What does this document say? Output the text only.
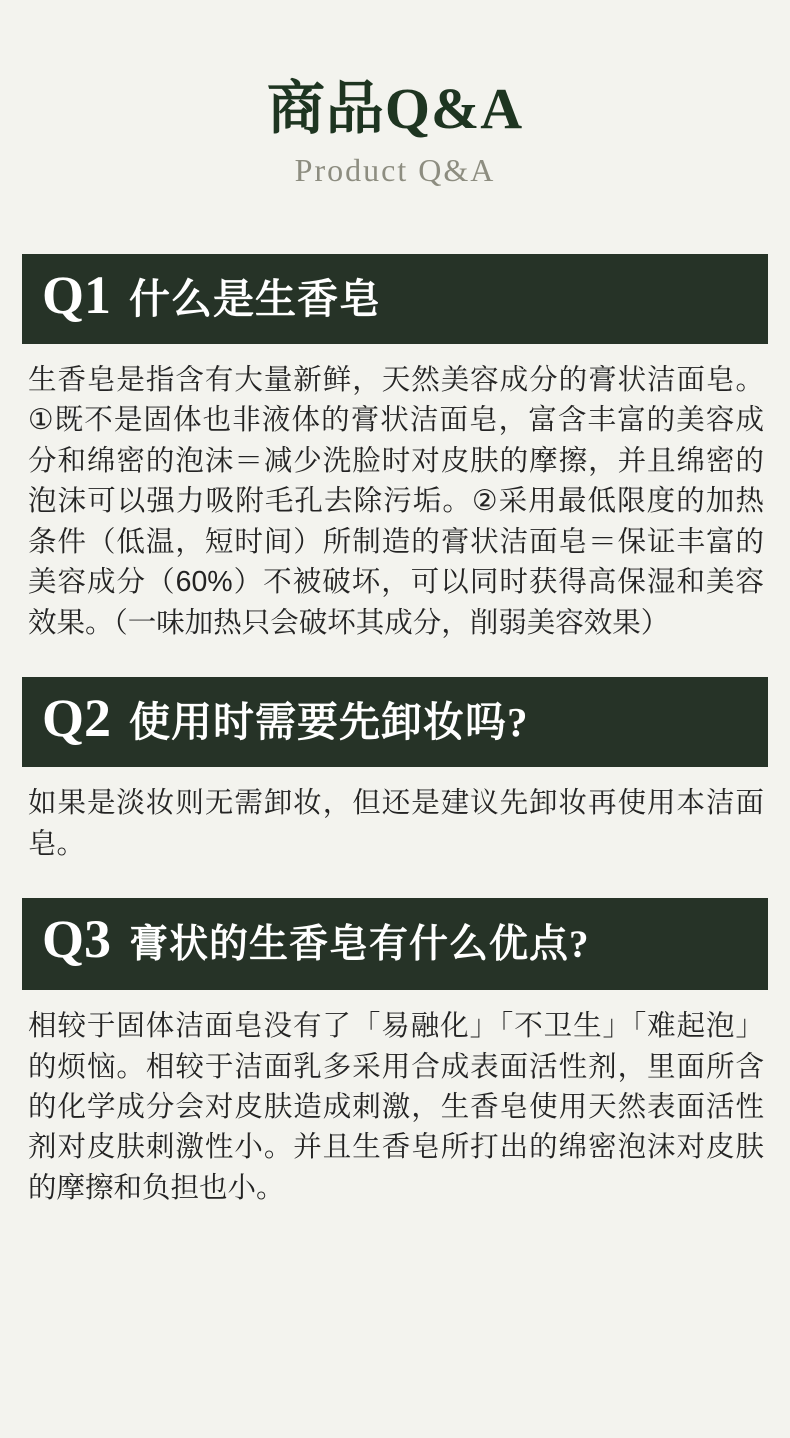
商品Q&A
Product Q&A
Q1 什么是生香皂
生香皂是指含有大量新鲜，天然美容成分的膏状洁面皂。①既不是固体也非液体的膏状洁面皂，富含丰富的美容成分和绵密的泡沫＝减少洗脸时对皮肤的摩擦，并且绵密的泡沫可以强力吸附毛孔去除污垢。②采用最低限度的加热条件（低温，短时间）所制造的膏状洁面皂＝保证丰富的美容成分（60%）不被破坏，可以同时获得高保湿和美容效果。（一味加热只会破坏其成分，削弱美容效果）
Q2 使用时需要先卸妆吗?
如果是淡妆则无需卸妆，但还是建议先卸妆再使用本洁面皂。
Q3 膏状的生香皂有什么优点?
相较于固体洁面皂没有了「易融化」「不卫生」「难起泡」的烦恼。相较于洁面乳多采用合成表面活性剂，里面所含的化学成分会对皮肤造成刺激，生香皂使用天然表面活性剂对皮肤刺激性小。并且生香皂所打出的绵密泡沫对皮肤的摩擦和负担也小。
